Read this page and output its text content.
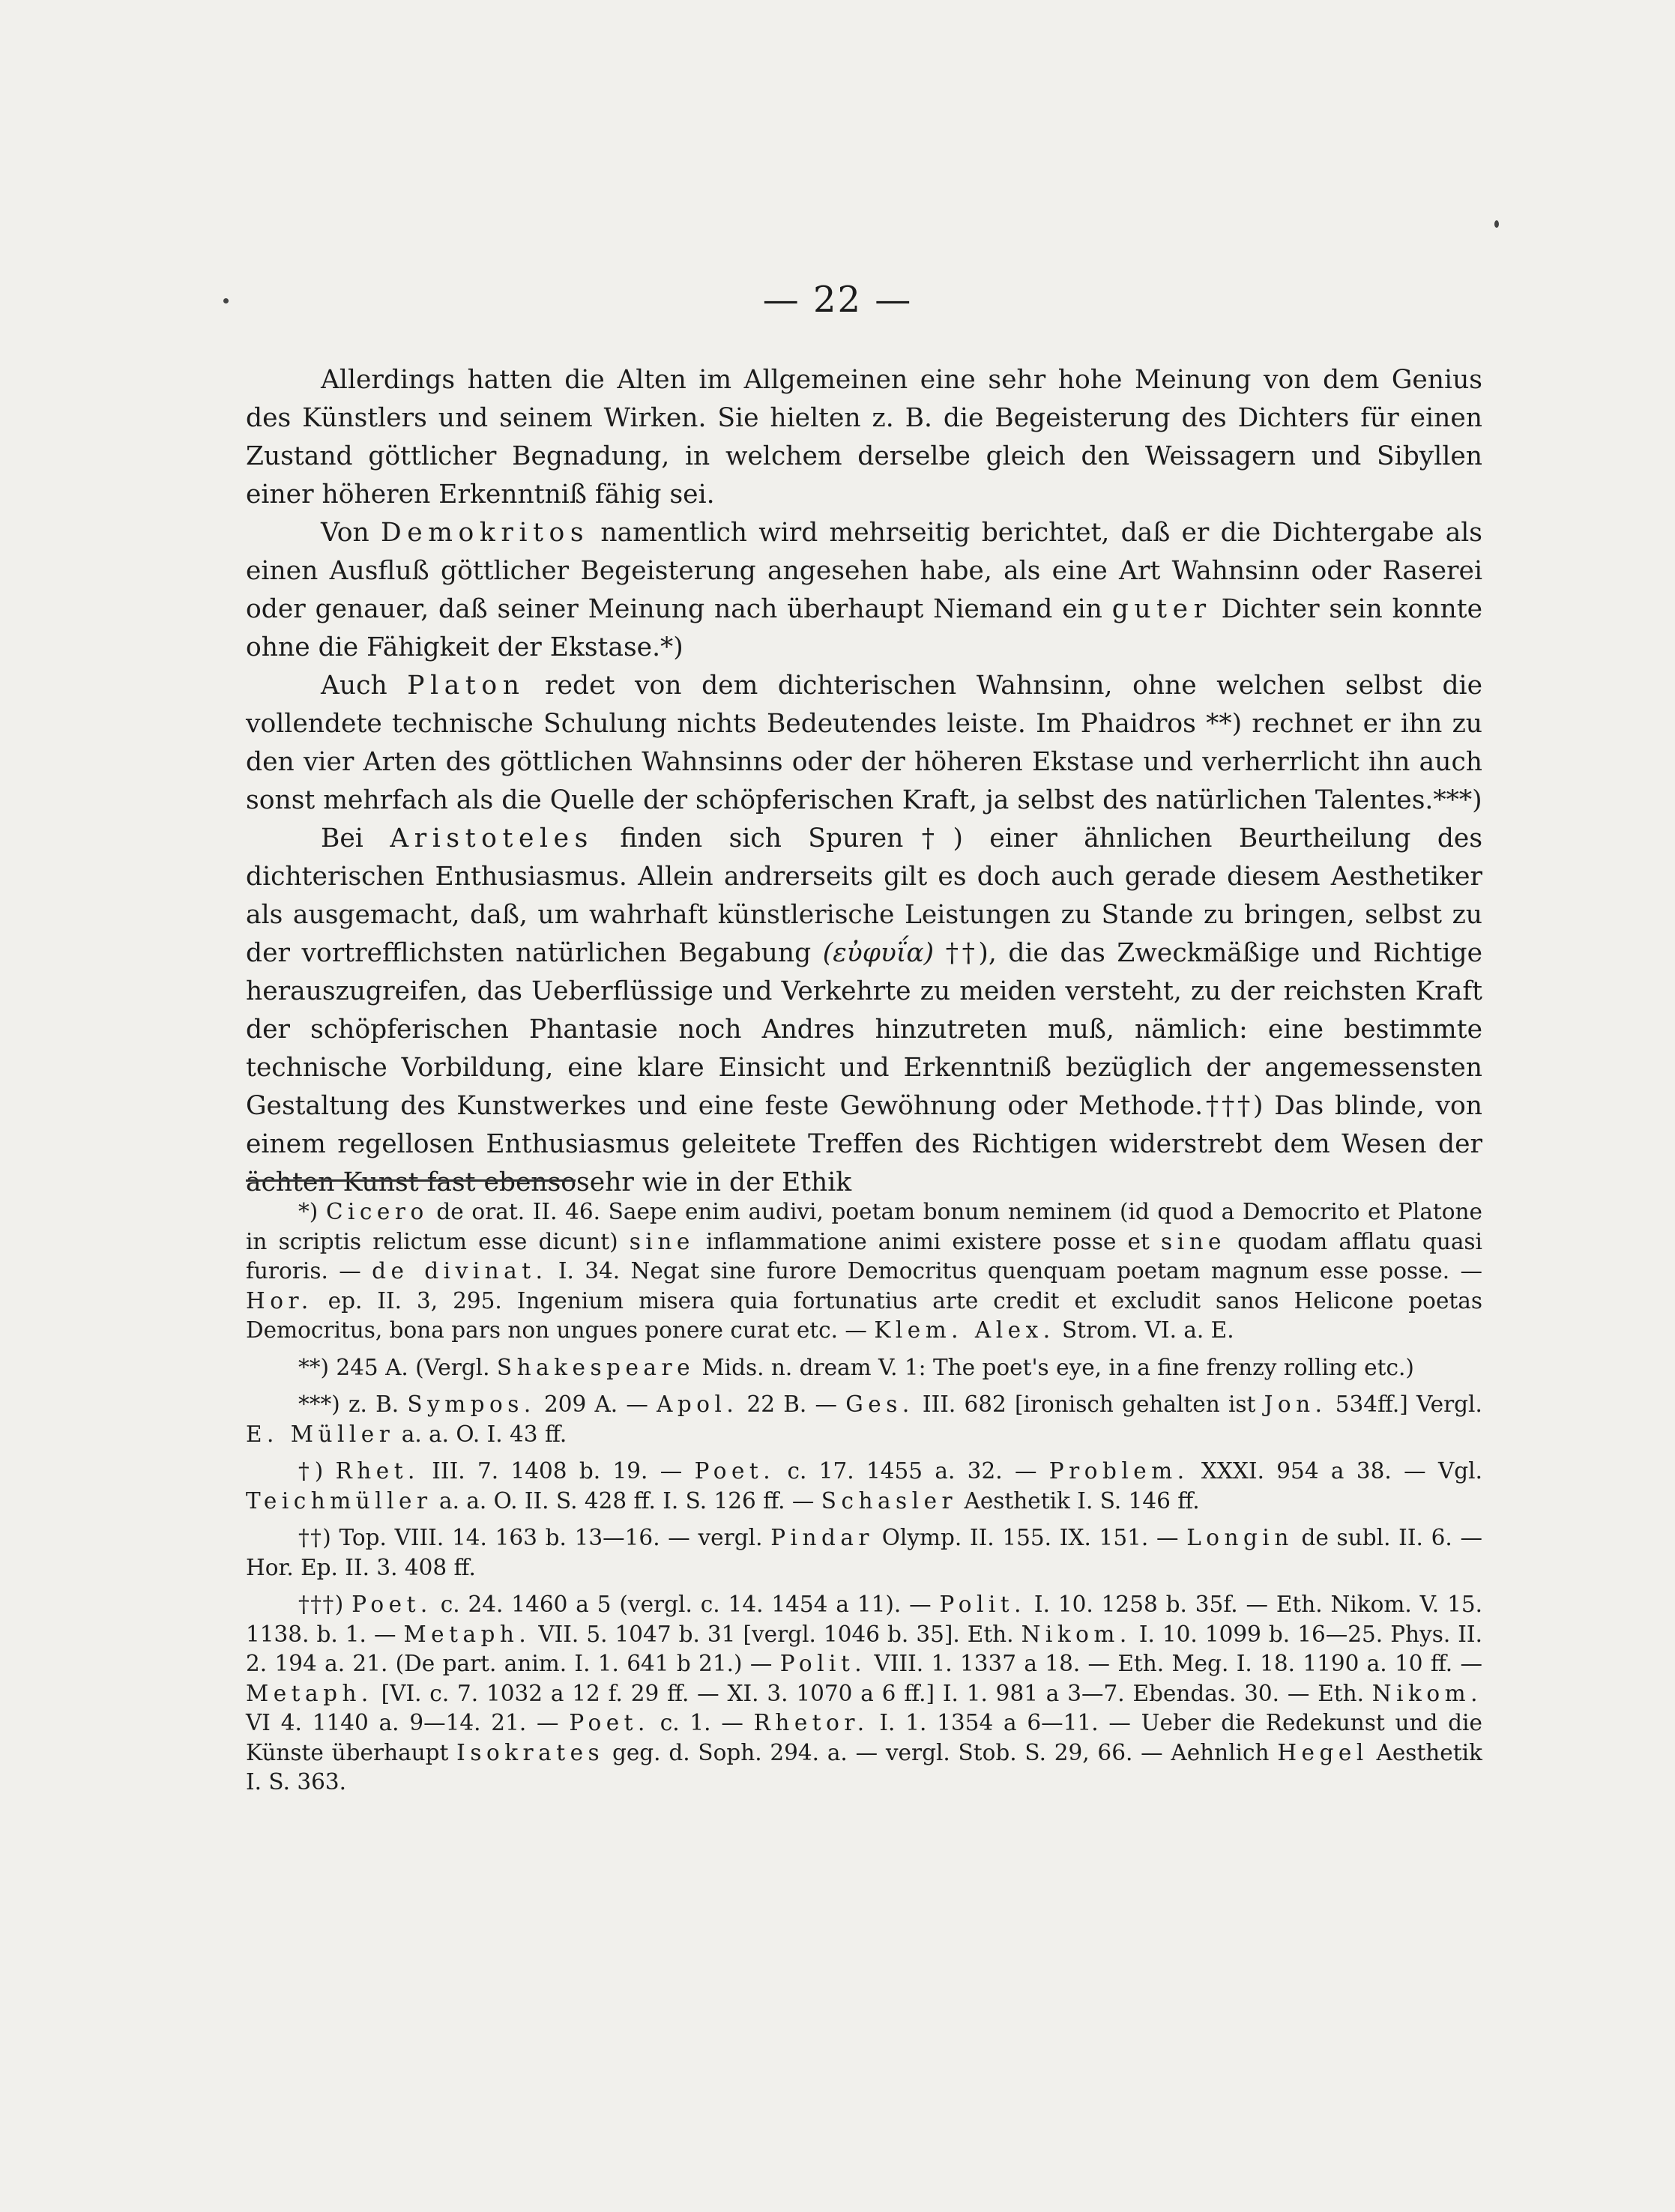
— 22 —

Allerdings hatten die Alten im Allgemeinen eine sehr hohe Meinung von dem Genius des Künstlers und seinem Wirken. Sie hielten z. B. die Begeisterung des Dichters für einen Zustand göttlicher Begnadung, in welchem derselbe gleich den Weissagern und Sibyllen einer höheren Erkenntniß fähig sei.

Von Demokritos namentlich wird mehrseitig berichtet, daß er die Dichtergabe als einen Ausfluß göttlicher Begeisterung angesehen habe, als eine Art Wahnsinn oder Raserei oder genauer, daß seiner Meinung nach überhaupt Niemand ein guter Dichter sein konnte ohne die Fähigkeit der Ekstase.*)

Auch Platon redet von dem dichterischen Wahnsinn, ohne welchen selbst die vollendete technische Schulung nichts Bedeutendes leiste. Im Phaidros **) rechnet er ihn zu den vier Arten des göttlichen Wahnsinns oder der höheren Ekstase und verherrlicht ihn auch sonst mehrfach als die Quelle der schöpferischen Kraft, ja selbst des natürlichen Talentes.***)

Bei Aristoteles finden sich Spuren†) einer ähnlichen Beurtheilung des dichterischen Enthusiasmus. Allein andrerseits gilt es doch auch gerade diesem Aesthetiker als ausgemacht, daß, um wahrhaft künstlerische Leistungen zu Stande zu bringen, selbst zu der vortrefflichsten natürlichen Begabung (εὐφυΐα) ††), die das Zweckmäßige und Richtige herauszugreifen, das Ueberflüssige und Verkehrte zu meiden versteht, zu der reichsten Kraft der schöpferischen Phantasie noch Andres hinzutreten muß, nämlich: eine bestimmte technische Vorbildung, eine klare Einsicht und Erkenntniß bezüglich der angemessensten Gestaltung des Kunstwerkes und eine feste Gewöhnung oder Methode.†††) Das blinde, von einem regellosen Enthusiasmus geleitete Treffen des Richtigen widerstrebt dem Wesen der ächten Kunst fast ebensosehr wie in der Ethik

*) Cicero de orat. II. 46. Saepe enim audivi, poetam bonum neminem (id quod a Democrito et Platone in scriptis relictum esse dicunt) sine inflammatione animi existere posse et sine quodam afflatu quasi furoris. — de divinat. I. 34. Negat sine furore Democritus quenquam poetam magnum esse posse. — Hor. ep. II. 3, 295. Ingenium misera quia fortunatius arte credit et excludit sanos Helicone poetas Democritus, bona pars non ungues ponere curat etc. — Klem. Alex. Strom. VI. a. E.

**) 245 A. (Vergl. Shakespeare Mids. n. dream V. 1: The poet's eye, in a fine frenzy rolling etc.)

***) z. B. Sympos. 209 A. — Apol. 22 B. — Ges. III. 682 [ironisch gehalten ist Jon. 534ff.] Vergl. E. Müller a. a. O. I. 43 ff.

†) Rhet. III. 7. 1408 b. 19. — Poet. c. 17. 1455 a. 32. — Problem. XXXI. 954 a 38. — Vgl. Teichmüller a. a. O. II. S. 428 ff. I. S. 126 ff. — Schasler Aesthetik I. S. 146 ff.

††) Top. VIII. 14. 163 b. 13—16. — vergl. Pindar Olymp. II. 155. IX. 151. — Longin de subl. II. 6. — Hor. Ep. II. 3. 408 ff.

†††) Poet. c. 24. 1460 a 5 (vergl. c. 14. 1454 a 11). — Polit. I. 10. 1258 b. 35f. — Eth. Nikom. V. 15. 1138. b. 1. — Metaph. VII. 5. 1047 b. 31 [vergl. 1046 b. 35]. Eth. Nikom. I. 10. 1099 b. 16—25. Phys. II. 2. 194 a. 21. (De part. anim. I. 1. 641 b 21.) — Polit. VIII. 1. 1337 a 18. — Eth. Meg. I. 18. 1190 a. 10 ff. — Metaph. [VI. c. 7. 1032 a 12 f. 29 ff. — XI. 3. 1070 a 6 ff.] I. 1. 981 a 3—7. Ebendas. 30. — Eth. Nikom. VI 4. 1140 a. 9—14. 21. — Poet. c. 1. — Rhetor. I. 1. 1354 a 6—11. — Ueber die Redekunst und die Künste überhaupt Isokrates geg. d. Soph. 294. a. — vergl. Stob. S. 29, 66. — Aehnlich Hegel Aesthetik I. S. 363.
